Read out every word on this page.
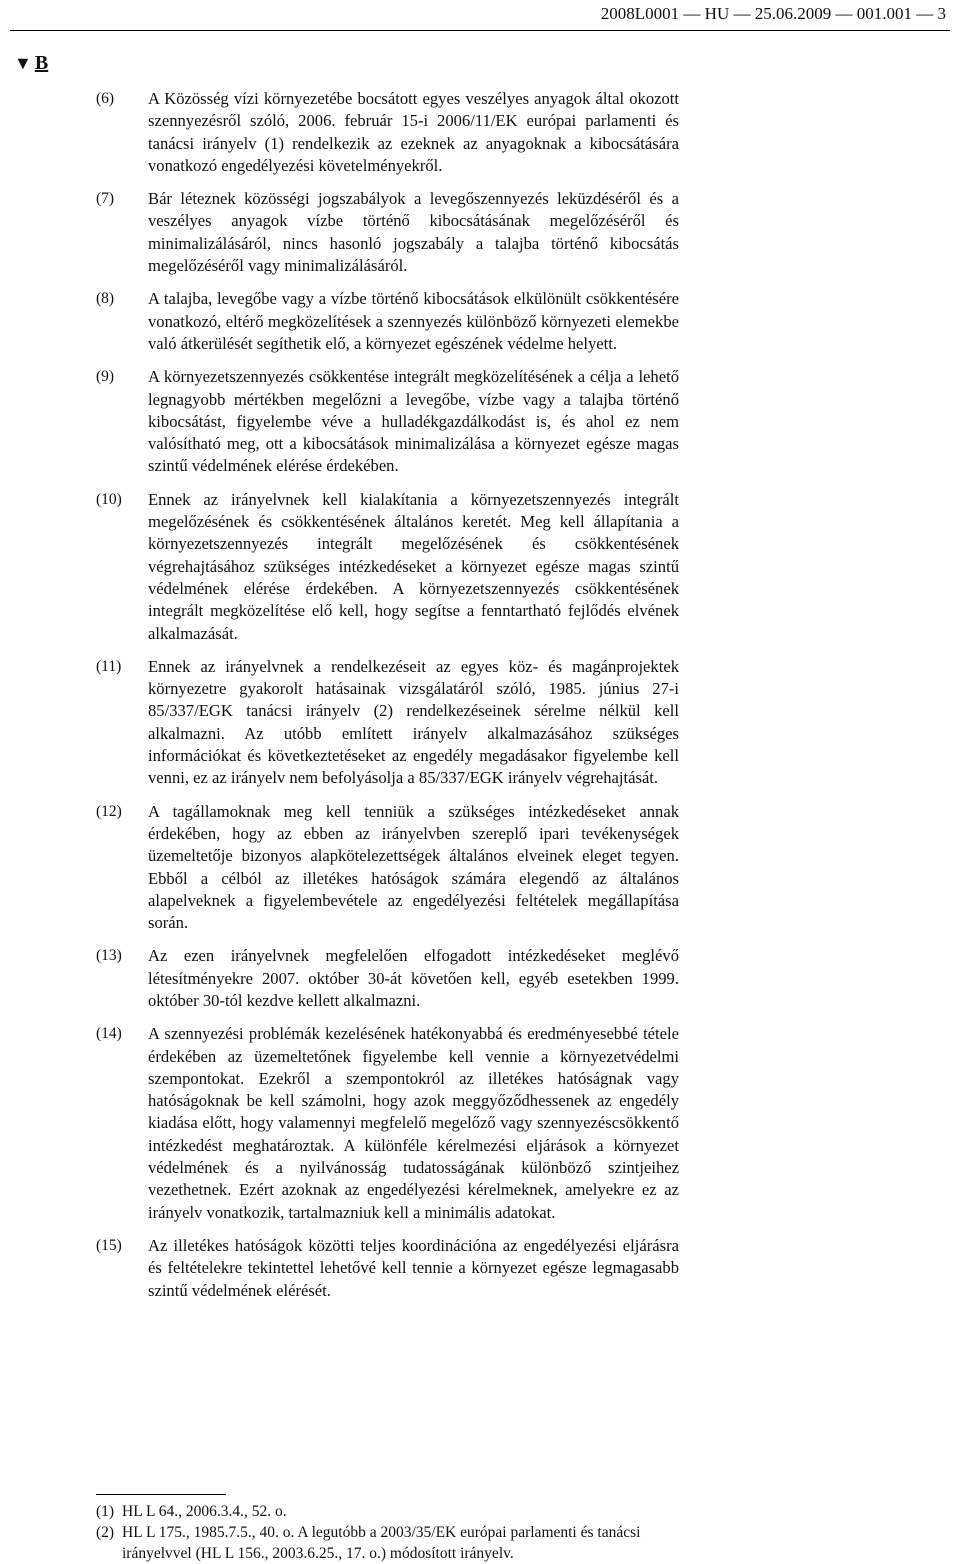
2008L0001 — HU — 25.06.2009 — 001.001 — 3
▼ B
(6)	A Közösség vízi környezetébe bocsátott egyes veszélyes anyagok által okozott szennyezésről szóló, 2006. február 15-i 2006/11/EK európai parlamenti és tanácsi irányelv (1) rendelkezik az ezeknek az anyagoknak a kibocsátására vonatkozó engedélyezési követelményekről.
(7)	Bár léteznek közösségi jogszabályok a levegőszennyezés leküzdéséről és a veszélyes anyagok vízbe történő kibocsátásának megelőzéséről és minimalizálásáról, nincs hasonló jogszabály a talajba történő kibocsátás megelőzéséről vagy minimalizálásáról.
(8)	A talajba, levegőbe vagy a vízbe történő kibocsátások elkülönült csökkentésére vonatkozó, eltérő megközelítések a szennyezés különböző környezeti elemekbe való átkerülését segíthetik elő, a környezet egészének védelme helyett.
(9)	A környezetszennyezés csökkentése integrált megközelítésének a célja a lehető legnagyobb mértékben megelőzni a levegőbe, vízbe vagy a talajba történő kibocsátást, figyelembe véve a hulladékgazdálkodást is, és ahol ez nem valósítható meg, ott a kibocsátások minimalizálása a környezet egésze magas szintű védelmének elérése érdekében.
(10)	Ennek az irányelvnek kell kialakítania a környezetszennyezés integrált megelőzésének és csökkentésének általános keretét. Meg kell állapítania a környezetszennyezés integrált megelőzésének és csökkentésének végrehajtásához szükséges intézkedéseket a környezet egésze magas szintű védelmének elérése érdekében. A környezetszennyezés csökkentésének integrált megközelítése elő kell, hogy segítse a fenntartható fejlődés elvének alkalmazását.
(11)	Ennek az irányelvnek a rendelkezéseit az egyes köz- és magánprojektek környezetre gyakorolt hatásainak vizsgálatáról szóló, 1985. június 27-i 85/337/EGK tanácsi irányelv (2) rendelkezéseinek sérelme nélkül kell alkalmazni. Az utóbb említett irányelv alkalmazásához szükséges információkat és következtetéseket az engedély megadásakor figyelembe kell venni, ez az irányelv nem befolyásolja a 85/337/EGK irányelv végrehajtását.
(12)	A tagállamoknak meg kell tenniük a szükséges intézkedéseket annak érdekében, hogy az ebben az irányelvben szereplő ipari tevékenységek üzemeltetője bizonyos alapkötelezettségek általános elveinek eleget tegyen. Ebből a célból az illetékes hatóságok számára elegendő az általános alapelveknek a figyelembevétele az engedélyezési feltételek megállapítása során.
(13)	Az ezen irányelvnek megfelelően elfogadott intézkedéseket meglévő létesítményekre 2007. október 30-át követően kell, egyéb esetekben 1999. október 30-tól kezdve kellett alkalmazni.
(14)	A szennyezési problémák kezelésének hatékonyabbá és eredményesebbé tétele érdekében az üzemeltetőnek figyelembe kell vennie a környezetvédelmi szempontokat. Ezekről a szempontokról az illetékes hatóságnak vagy hatóságoknak be kell számolni, hogy azok meggyőződhessenek az engedély kiadása előtt, hogy valamennyi megfelelő megelőző vagy szennyezéscsökkentő intézkedést meghatároztak. A különféle kérelmezési eljárások a környezet védelmének és a nyilvánosság tudatosságának különböző szintjeihez vezethetnek. Ezért azoknak az engedélyezési kérelmeknek, amelyekre ez az irányelv vonatkozik, tartalmazniuk kell a minimális adatokat.
(15)	Az illetékes hatóságok közötti teljes koordinációna az engedélyezési eljárásra és feltételekre tekintettel lehetővé kell tennie a környezet egésze legmagasabb szintű védelmének elérését.
(1) HL L 64., 2006.3.4., 52. o.
(2) HL L 175., 1985.7.5., 40. o. A legutóbb a 2003/35/EK európai parlamenti és tanácsi irányelvvel (HL L 156., 2003.6.25., 17. o.) módosított irányelv.
